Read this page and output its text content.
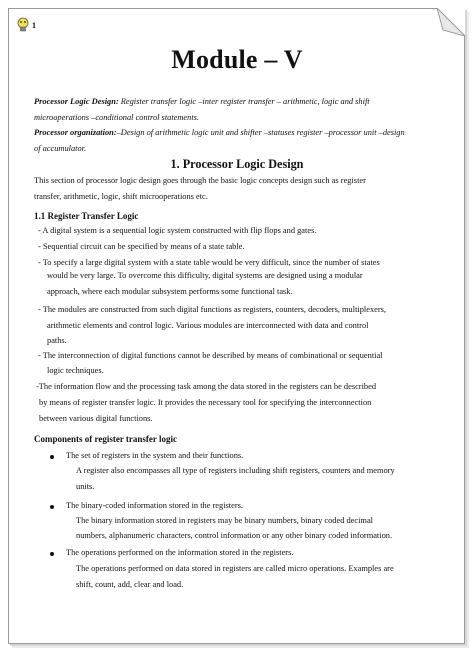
1
Module – V
Processor Logic Design: Register transfer logic –inter register transfer – arithmetic, logic and shift
microoperations –conditional control statements.
Processor organization:–Design of arithmetic logic unit and shifter –statuses register –processor unit –design
of accumulator.
1. Processor Logic Design
This section of processor logic design goes through the basic logic concepts design such as register
transfer, arithmetic, logic, shift microoperations etc.
1.1 Register Transfer Logic
- A digital system is a sequential logic system constructed with flip flops and gates.
- Sequential circuit can be specified by means of a state table.
- To specify a large digital system with a state table would be very difficult, since the number of states
would be very large. To overcome this difficulty, digital systems are designed using a modular
approach, where each modular subsystem performs some functional task.
- The modules are constructed from such digital functions as registers, counters, decoders, multiplexers,
arithmetic elements and control logic. Various modules are interconnected with data and control
paths.
- The interconnection of digital functions cannot be described by means of combinational or sequential
logic techniques.
-The information flow and the processing task among the data stored in the registers can be described
by means of register transfer logic. It provides the necessary tool for specifying the interconnection
between various digital functions.
Components of register transfer logic
The set of registers in the system and their functions.
A register also encompasses all type of registers including shift registers, counters and memory
units.
The binary-coded information stored in the registers.
The binary information stored in registers may be binary numbers, binary coded decimal
numbers, alphanumeric characters, control information or any other binary coded information.
The operations performed on the information stored in the registers.
The operations performed on data stored in registers are called micro operations. Examples are
shift, count, add, clear and load.
